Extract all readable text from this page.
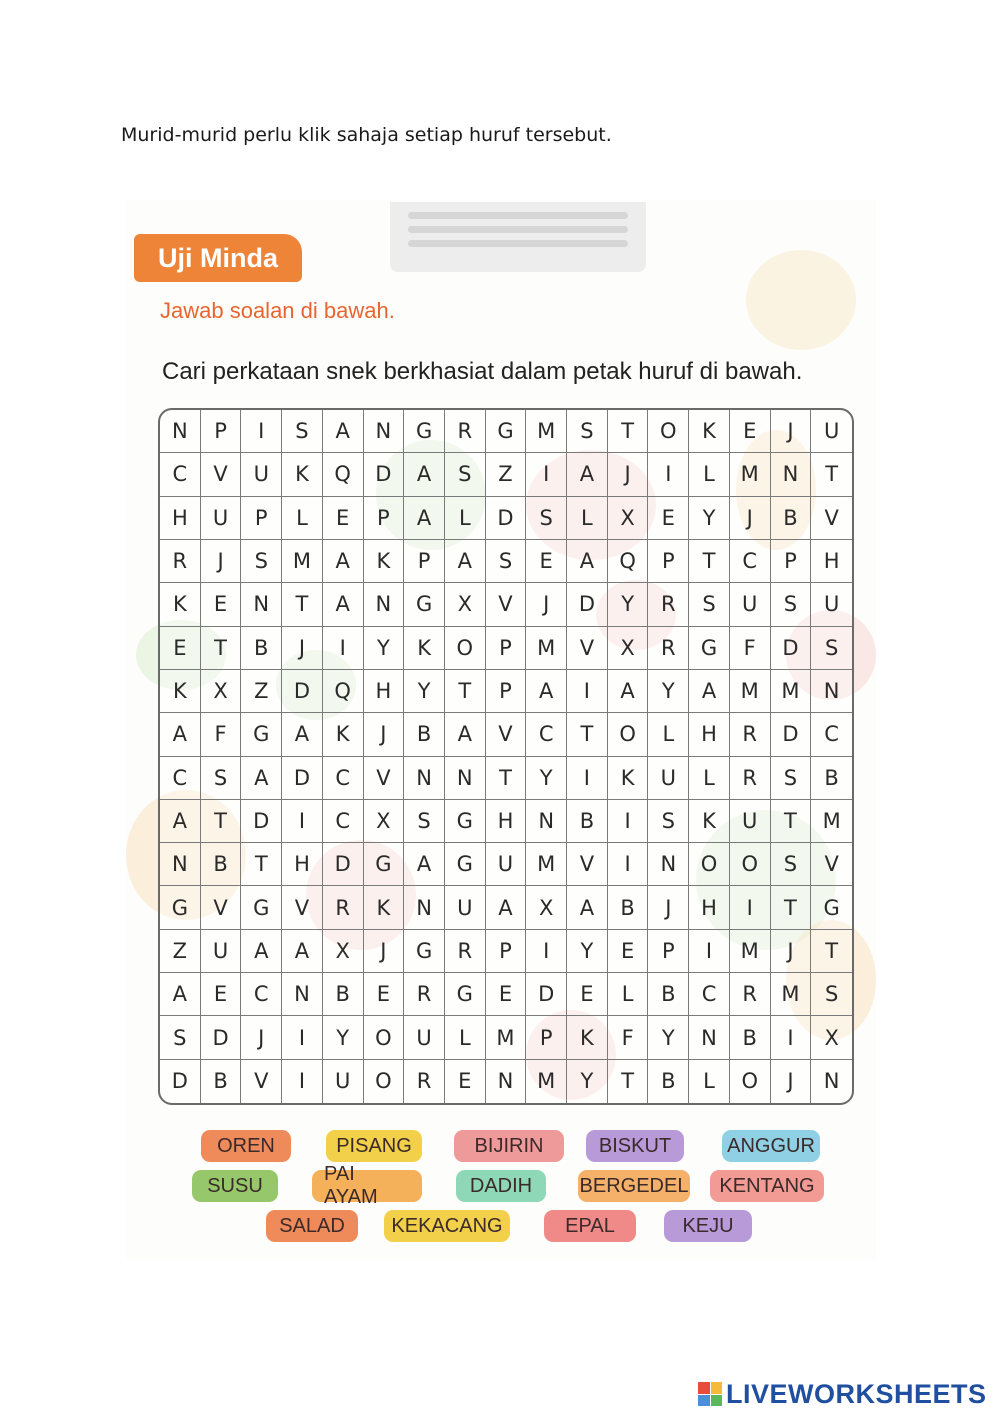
Murid-murid perlu klik sahaja setiap huruf tersebut.
Uji Minda
Jawab soalan di bawah.
Cari perkataan snek berkhasiat dalam petak huruf di bawah.
N	P	I	S	A	N	G	R	G	M	S	T	O	K	E	J	U
C	V	U	K	Q	D	A	S	Z	I	A	J	I	L	M	N	T
H	U	P	L	E	P	A	L	D	S	L	X	E	Y	J	B	V
R	J	S	M	A	K	P	A	S	E	A	Q	P	T	C	P	H
K	E	N	T	A	N	G	X	V	J	D	Y	R	S	U	S	U
E	T	B	J	I	Y	K	O	P	M	V	X	R	G	F	D	S
K	X	Z	D	Q	H	Y	T	P	A	I	A	Y	A	M	M	N
A	F	G	A	K	J	B	A	V	C	T	O	L	H	R	D	C
C	S	A	D	C	V	N	N	T	Y	I	K	U	L	R	S	B
A	T	D	I	C	X	S	G	H	N	B	I	S	K	U	T	M
N	B	T	H	D	G	A	G	U	M	V	I	N	O	O	S	V
G	V	G	V	R	K	N	U	A	X	A	B	J	H	I	T	G
Z	U	A	A	X	J	G	R	P	I	Y	E	P	I	M	J	T
A	E	C	N	B	E	R	G	E	D	E	L	B	C	R	M	S
S	D	J	I	Y	O	U	L	M	P	K	F	Y	N	B	I	X
D	B	V	I	U	O	R	E	N	M	Y	T	B	L	O	J	N
OREN	PISANG	BIJIRIN	BISKUT	ANGGUR
SUSU
PAI AYAM
DADIH	BERGEDEL	KENTANG
SALAD	KEKACANG	EPAL	KEJU
LIVEWORKSHEETS
